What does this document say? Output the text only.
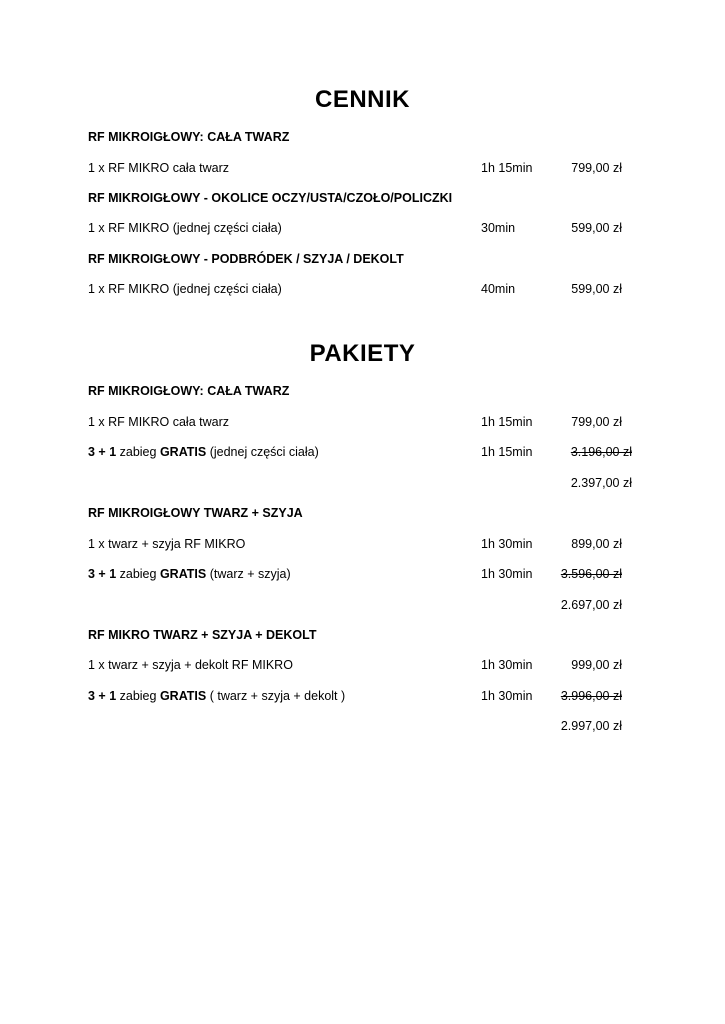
CENNIK
RF MIKROIGŁOWY: CAŁA TWARZ
1 x RF MIKRO cała twarz	1h 15min	799,00 zł
RF MIKROIGŁOWY - OKOLICE OCZY/USTA/CZOŁO/POLICZKI
1 x RF MIKRO (jednej części ciała)	30min	599,00 zł
RF MIKROIGŁOWY - PODBRÓDEK / SZYJA / DEKOLT
1 x RF MIKRO (jednej części ciała)	40min	599,00 zł
PAKIETY
RF MIKROIGŁOWY: CAŁA TWARZ
1 x RF MIKRO cała twarz	1h 15min	799,00 zł
3 + 1 zabieg GRATIS (jednej części ciała)	1h 15min	3.196,00 zł
2.397,00 zł
RF MIKROIGŁOWY TWARZ + SZYJA
1 x twarz + szyja RF MIKRO	1h 30min	899,00 zł
3 + 1 zabieg GRATIS (twarz + szyja)	1h 30min	3.596,00 zł
2.697,00 zł
RF MIKRO TWARZ + SZYJA + DEKOLT
1 x twarz + szyja + dekolt RF MIKRO	1h 30min	999,00 zł
3 + 1 zabieg GRATIS ( twarz + szyja + dekolt )	1h 30min	3.996,00 zł
2.997,00 zł
